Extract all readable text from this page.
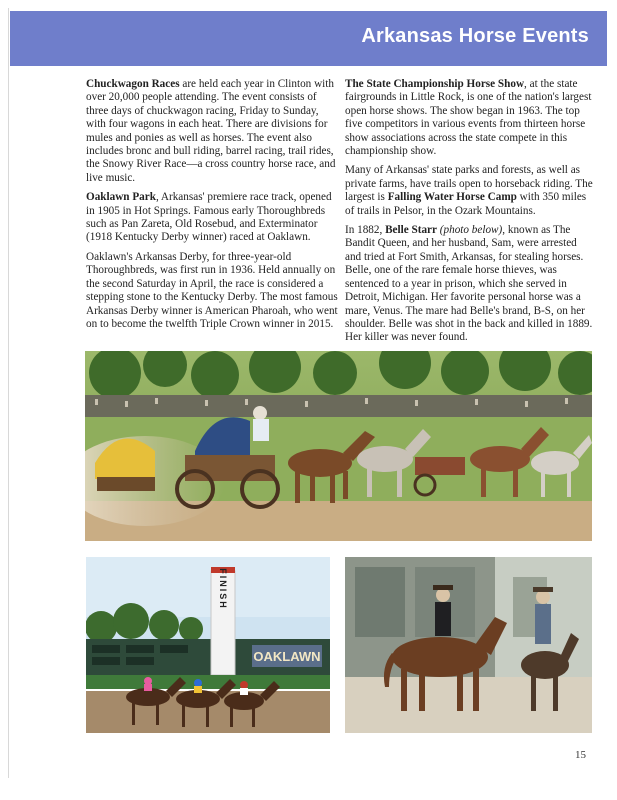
Arkansas Horse Events

Chuckwagon Races are held each year in Clinton with over 20,000 people attending. The event consists of three days of chuckwagon racing, Friday to Sunday, with four wagons in each heat. There are divisions for mules and ponies as well as horses. The event also includes bronc and bull riding, barrel racing, trail rides, the Snowy River Race—a cross country horse race, and live music.

Oaklawn Park, Arkansas' premiere race track, opened in 1905 in Hot Springs. Famous early Thoroughbreds such as Pan Zareta, Old Rosebud, and Exterminator (1918 Kentucky Derby winner) raced at Oaklawn.

Oaklawn's Arkansas Derby, for three-year-old Thoroughbreds, was first run in 1936. Held annually on the second Saturday in April, the race is considered a stepping stone to the Kentucky Derby. The most famous Arkansas Derby winner is American Pharoah, who went on to become the twelfth Triple Crown winner in 2015.

The State Championship Horse Show, at the state fairgrounds in Little Rock, is one of the nation's largest open horse shows. The show began in 1963. The top five competitors in various events from thirteen horse show associations across the state compete in this championship show.

Many of Arkansas' state parks and forests, as well as private farms, have trails open to horseback riding. The largest is Falling Water Horse Camp with 350 miles of trails in Pelsor, in the Ozark Mountains.

In 1882, Belle Starr (photo below), known as The Bandit Queen, and her husband, Sam, were arrested and tried at Fort Smith, Arkansas, for stealing horses. Belle, one of the rare female horse thieves, was sentenced to a year in prison, which she served in Detroit, Michigan. Her favorite personal horse was a mare, Venus. The mare had Belle's brand, B-S, on her shoulder. Belle was shot in the back and killed in 1889. Her killer was never found.

OAKLAWN
FINISH
15
